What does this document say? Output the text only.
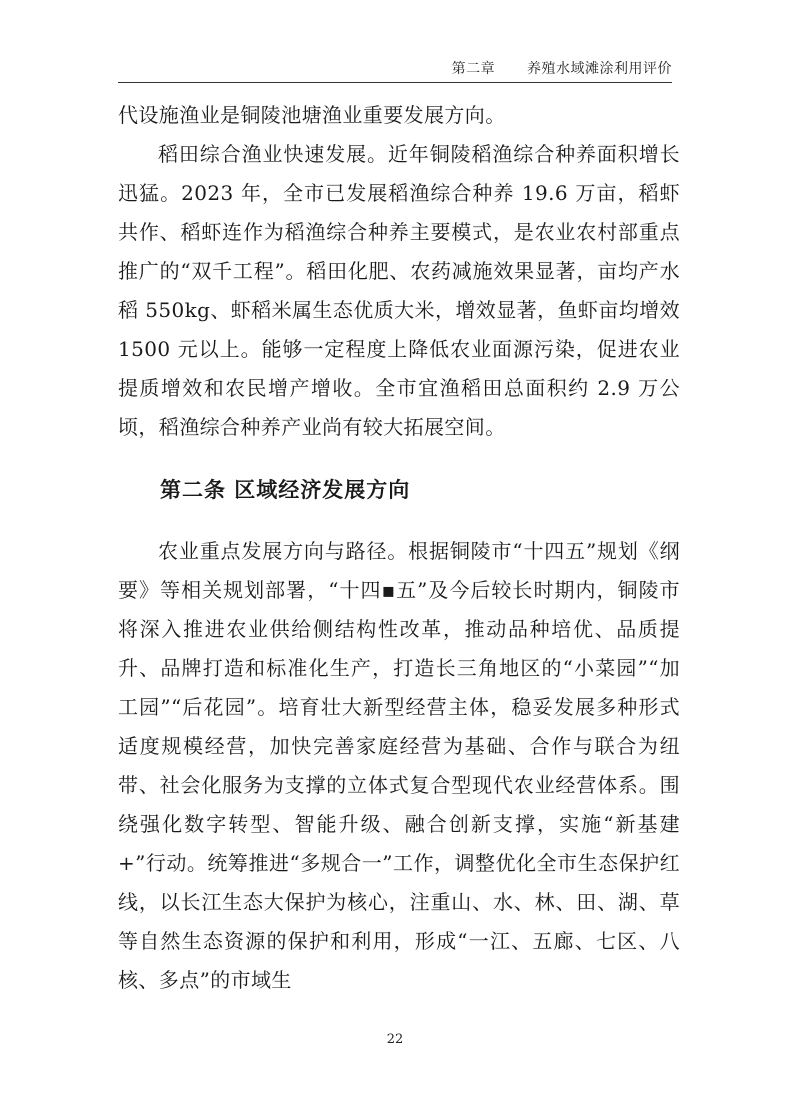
第二章 养殖水域滩涂利用评价

代设施渔业是铜陵池塘渔业重要发展方向。

稻田综合渔业快速发展。近年铜陵稻渔综合种养面积增长迅猛。2023 年，全市已发展稻渔综合种养 19.6 万亩，稻虾共作、稻虾连作为稻渔综合种养主要模式，是农业农村部重点推广的“双千工程”。稻田化肥、农药减施效果显著，亩均产水稻 550kg、虾稻米属生态优质大米，增效显著，鱼虾亩均增效 1500 元以上。能够一定程度上降低农业面源污染，促进农业提质增效和农民增产增收。全市宜渔稻田总面积约 2.9 万公顷，稻渔综合种养产业尚有较大拓展空间。

第二条 区域经济发展方向

农业重点发展方向与路径。根据铜陵市“十四五”规划《纲要》等相关规划部署，“十四▪五”及今后较长时期内，铜陵市将深入推进农业供给侧结构性改革，推动品种培优、品质提升、品牌打造和标准化生产，打造长三角地区的“小菜园”“加工园”“后花园”。培育壮大新型经营主体，稳妥发展多种形式适度规模经营，加快完善家庭经营为基础、合作与联合为纽带、社会化服务为支撑的立体式复合型现代农业经营体系。围绕强化数字转型、智能升级、融合创新支撑，实施“新基建+”行动。统筹推进“多规合一”工作，调整优化全市生态保护红线，以长江生态大保护为核心，注重山、水、林、田、湖、草等自然生态资源的保护和利用，形成“一江、五廊、七区、八核、多点”的市域生

22
